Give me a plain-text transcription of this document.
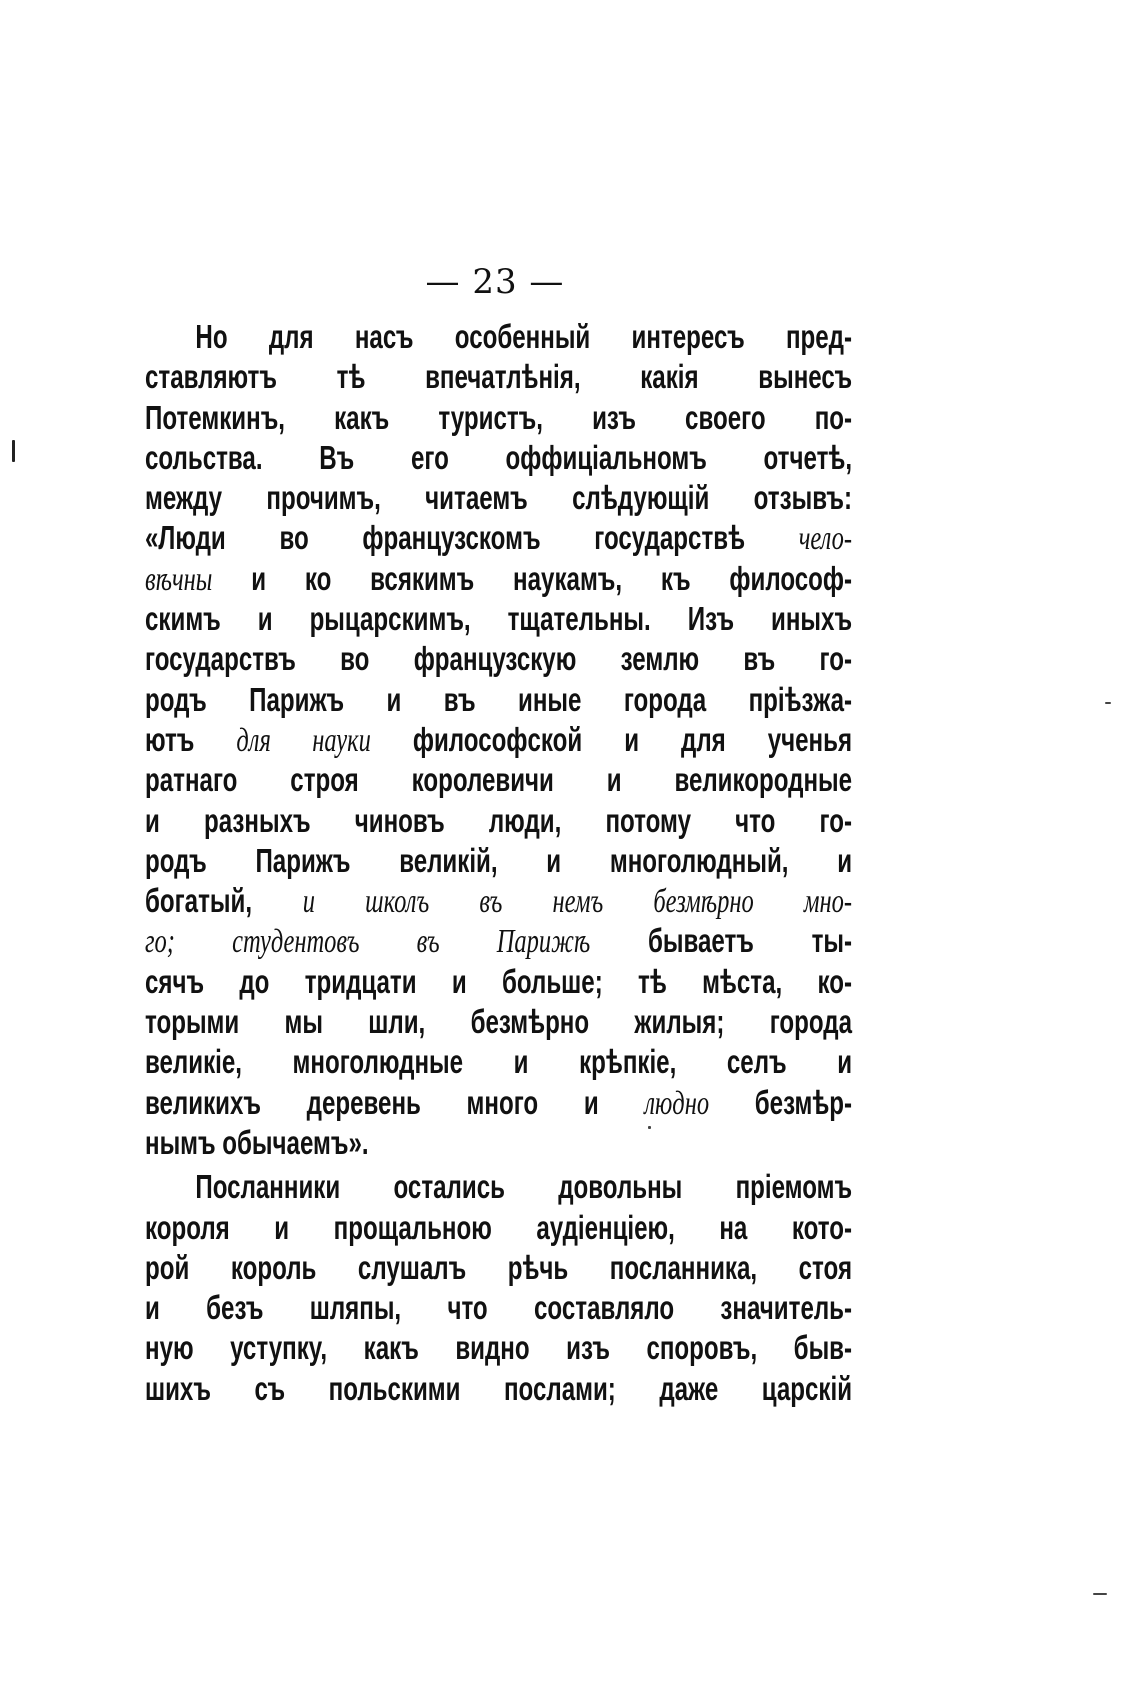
— 23 —
Но для насъ особенный интересъ пред-
ставляютъ тѣ впечатлѣнія, какія вынесъ
Потемкинъ, какъ туристъ, изъ своего по-
сольства. Въ его оффиціальномъ отчетѣ,
между прочимъ, читаемъ слѣдующій отзывъ:
«Люди во французскомъ государствѣ чело-
вѣчны и ко всякимъ наукамъ, къ философ-
скимъ и рыцарскимъ, тщательны. Изъ иныхъ
государствъ во французскую землю въ го-
родъ Парижъ и въ иные города пріѣзжа-
ютъ для науки философской и для ученья
ратнаго строя королевичи и великородные
и разныхъ чиновъ люди, потому что го-
родъ Парижъ великій, и многолюдный, и
богатый, и школъ въ немъ безмѣрно мно-
го; студентовъ въ Парижѣ бываетъ ты-
сячъ до тридцати и больше; тѣ мѣста, ко-
торыми мы шли, безмѣрно жилыя; города
великіе, многолюдные и крѣпкіе, селъ и
великихъ деревень много и людно безмѣр-
нымъ обычаемъ».
Посланники остались довольны пріемомъ
короля и прощальною аудіенціею, на кото-
рой король слушалъ рѣчь посланника, стоя
и безъ шляпы, что составляло значитель-
ную уступку, какъ видно изъ споровъ, быв-
шихъ съ польскими послами; даже царскій
